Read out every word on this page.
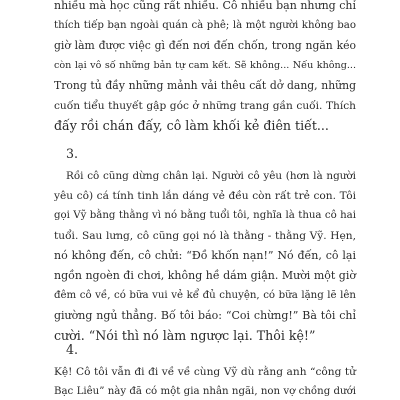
nhiều mà học cũng rất nhiều. Cô nhiều bạn nhưng chỉ
thích tiếp bạn ngoài quán cà phê; là một người không bao
giờ làm được việc gì đến nơi đến chốn, trong ngăn kéo
còn lại vô số những bản tự cam kết. Sẽ không... Nếu không...
Trong tủ đầy những mảnh vải thêu cất dở dang, những
cuốn tiểu thuyết gập góc ở những trang gần cuối. Thích
đấy rồi chán đấy, cô làm khối kẻ điên tiết...
3.
Rồi cô cũng dừng chân lại. Người cô yêu (hơn là người
yêu cô) cá tính tinh lắn dáng vẻ đều còn rất trẻ con. Tôi
gọi Vỹ bằng thằng vì nó bằng tuổi tôi, nghĩa là thua cô hai
tuổi. Sau lưng, cô cũng gọi nó là thằng - thằng Vỹ. Hẹn,
nó không đến, cô chửi: “Đồ khốn nạn!” Nó đến, cô lại
ngồn ngoèn đi chơi, không hề dám giận. Mười một giờ
đêm cô về, có bữa vui vẻ kể đủ chuyện, có bữa lặng lẽ lên
giường ngủ thẳng. Bố tôi báo: “Coi chừng!” Bà tôi chỉ
cười. “Nói thì nó làm ngược lại. Thôi kệ!”
4.
Kệ! Cô tôi vẫn đi đi về về cùng Vỹ dù rằng anh “công tử
Bạc Liêu” này đã có một gia nhân ngãi, non vợ chồng dưới
